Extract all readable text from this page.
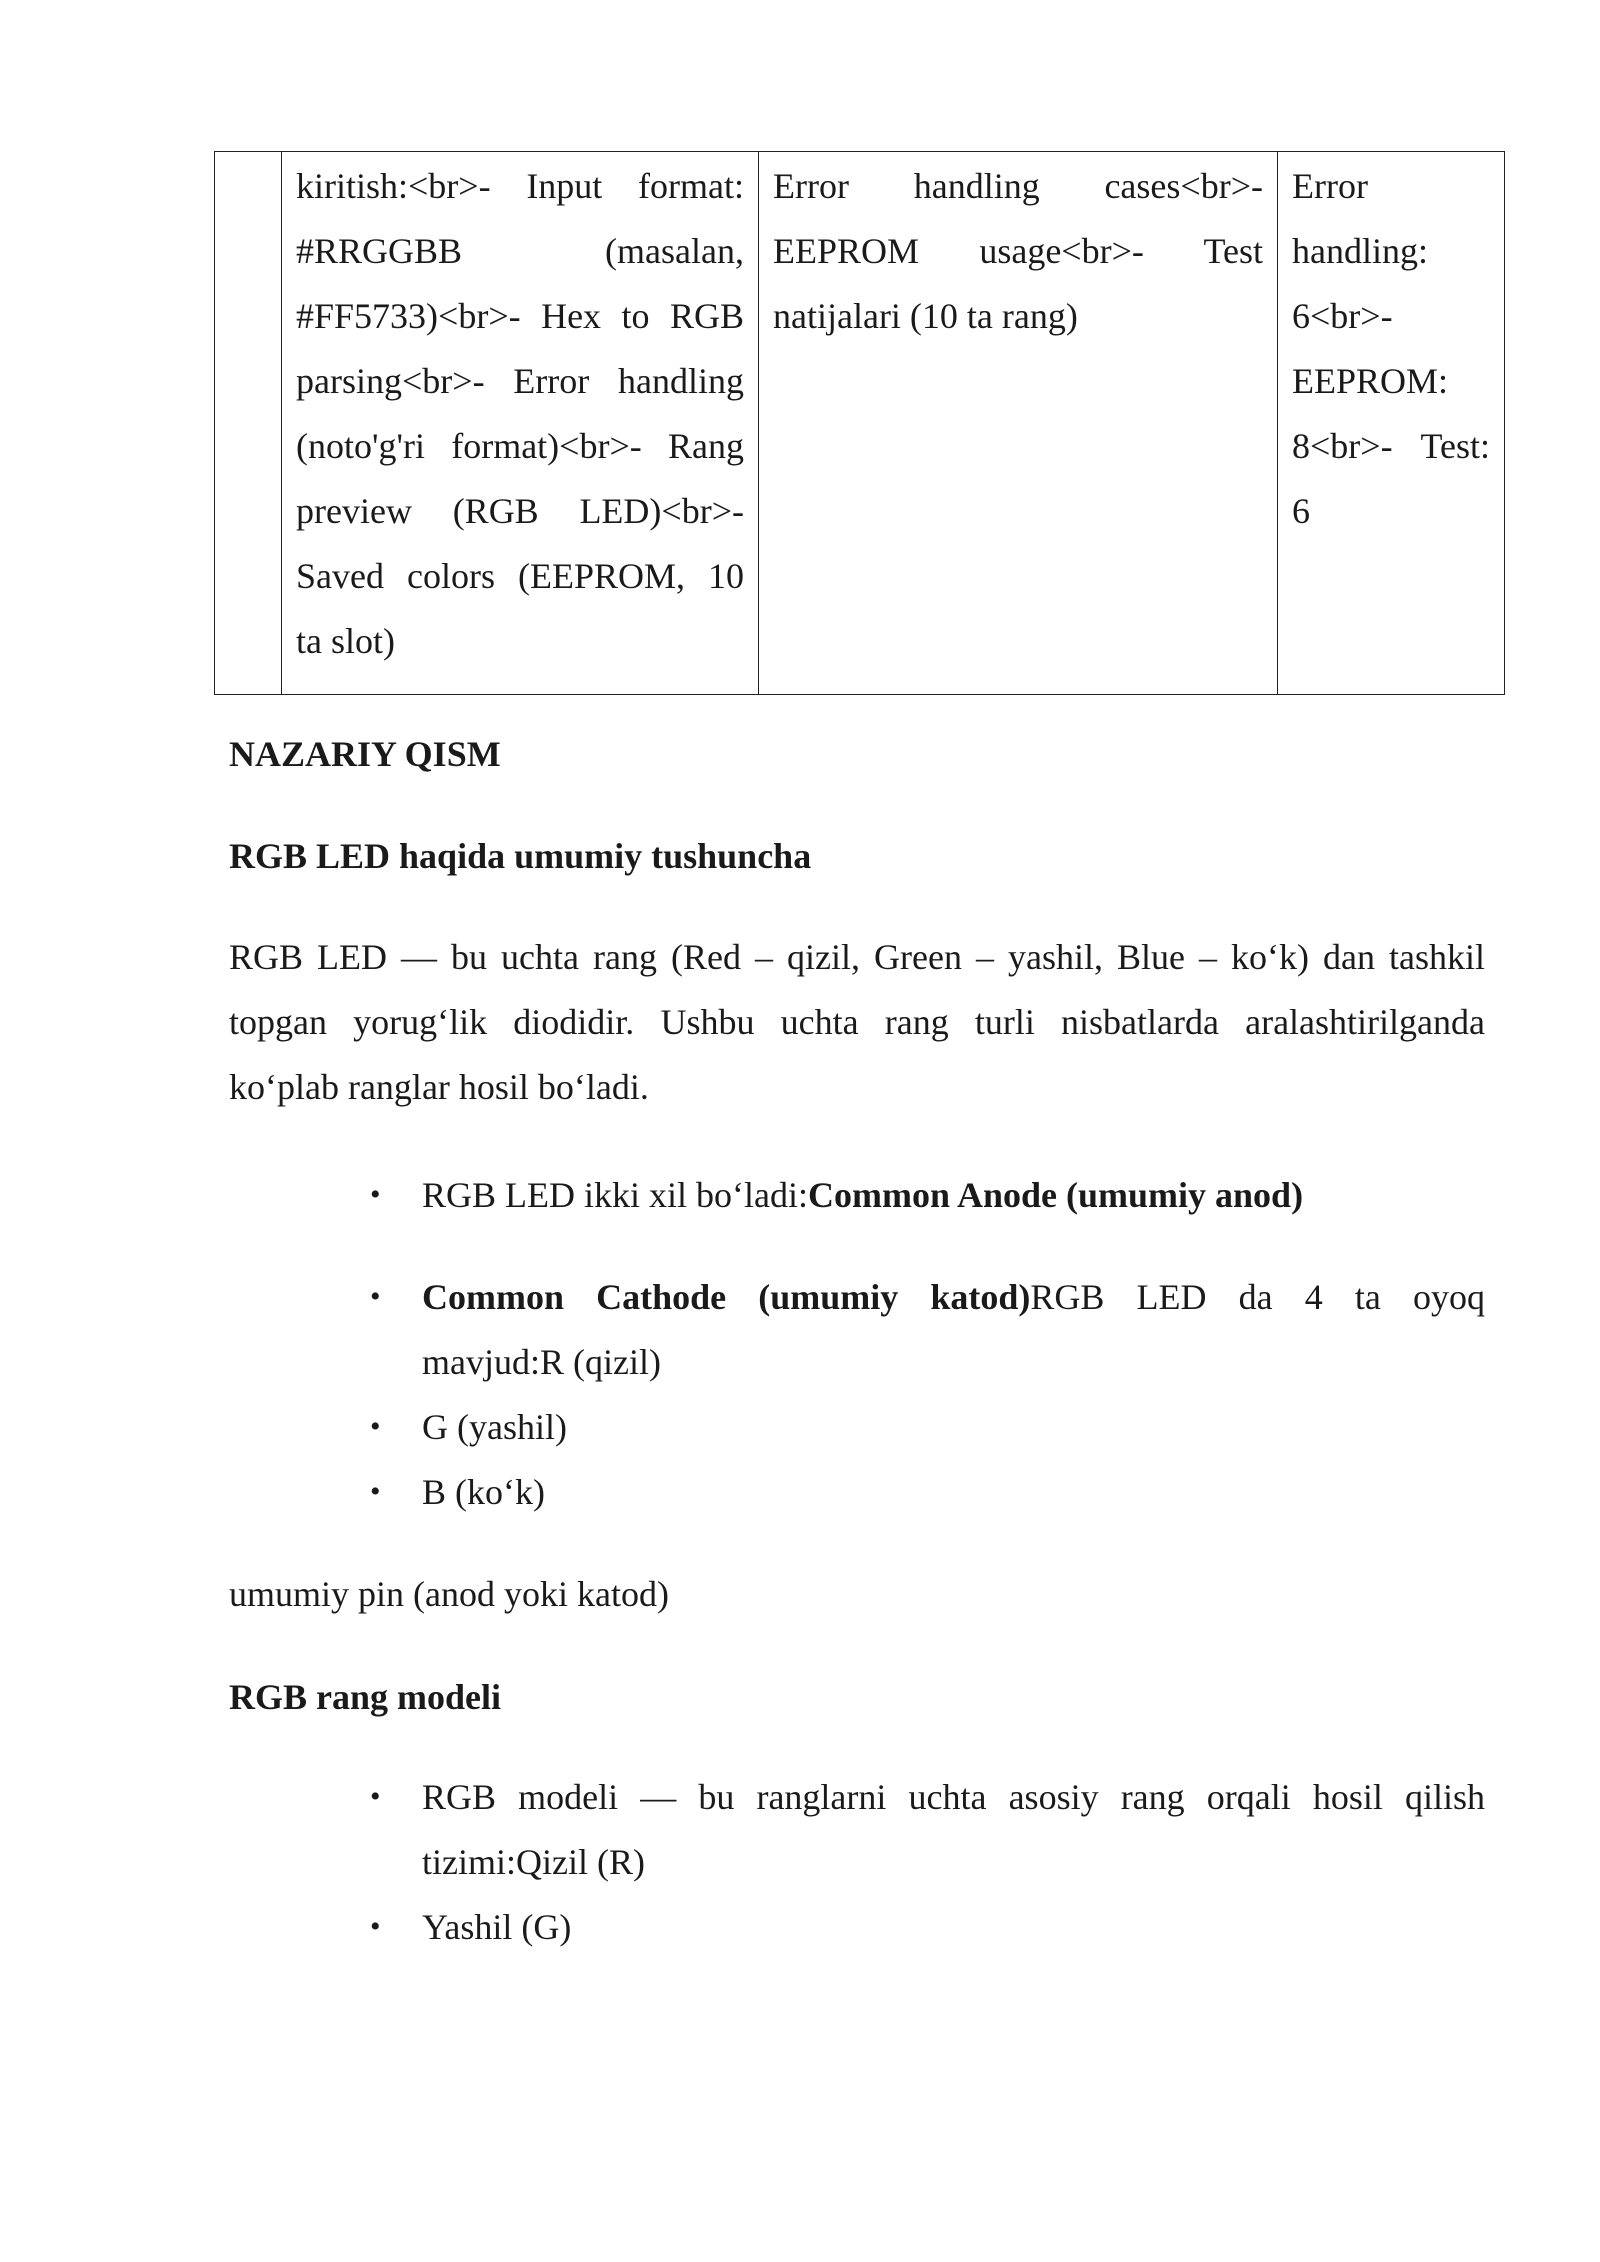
kiritish:<br>- Input format:
#RRGGBB (masalan,
#FF5733)<br>- Hex to RGB
parsing<br>- Error handling
(noto'g'ri format)<br>- Rang
preview (RGB LED)<br>-
Saved colors (EEPROM, 10
ta slot)

Error handling cases<br>-
EEPROM usage<br>- Test
natijalari (10 ta rang)

Error
handling:
6<br>-
EEPROM:
8<br>- Test:
6
NAZARIY QISM
RGB LED haqida umumiy tushuncha
RGB LED — bu uchta rang (Red – qizil, Green – yashil, Blue – ko‘k) dan tashkil
topgan yorug‘lik diodidir. Ushbu uchta rang turli nisbatlarda aralashtirilganda
ko‘plab ranglar hosil bo‘ladi.
•	RGB LED ikki xil bo‘ladi:Common Anode (umumiy anod)
•	Common Cathode (umumiy katod)RGB LED da 4 ta oyoq
mavjud:R (qizil)
•	G (yashil)
•	B (ko‘k)
umumiy pin (anod yoki katod)
RGB rang modeli
•	RGB modeli — bu ranglarni uchta asosiy rang orqali hosil qilish
tizimi:Qizil (R)
•	Yashil (G)
